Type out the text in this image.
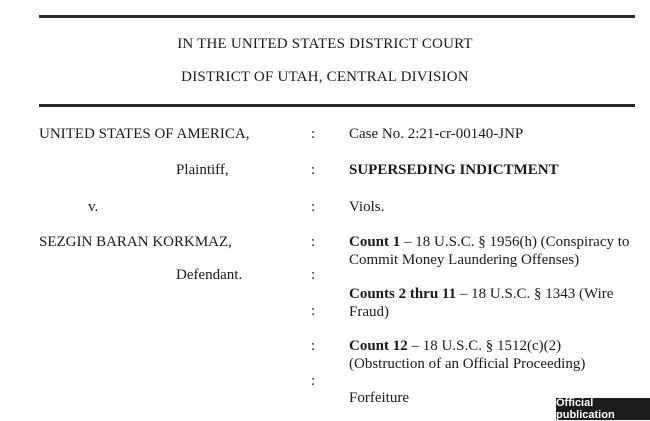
IN THE UNITED STATES DISTRICT COURT
DISTRICT OF UTAH, CENTRAL DIVISION
UNITED STATES OF AMERICA,
Plaintiff,
v.
SEZGIN BARAN KORKMAZ,
Defendant.
:
:
:
:
:
:
:
:
Case No. 2:21-cr-00140-JNP
SUPERSEDING INDICTMENT
Viols.
Count 1 – 18 U.S.C. § 1956(h) (Conspiracy to Commit Money Laundering Offenses)
Counts 2 thru 11 – 18 U.S.C. § 1343 (Wire Fraud)
Count 12 – 18 U.S.C. § 1512(c)(2) (Obstruction of an Official Proceeding)
Forfeiture	Official publication
